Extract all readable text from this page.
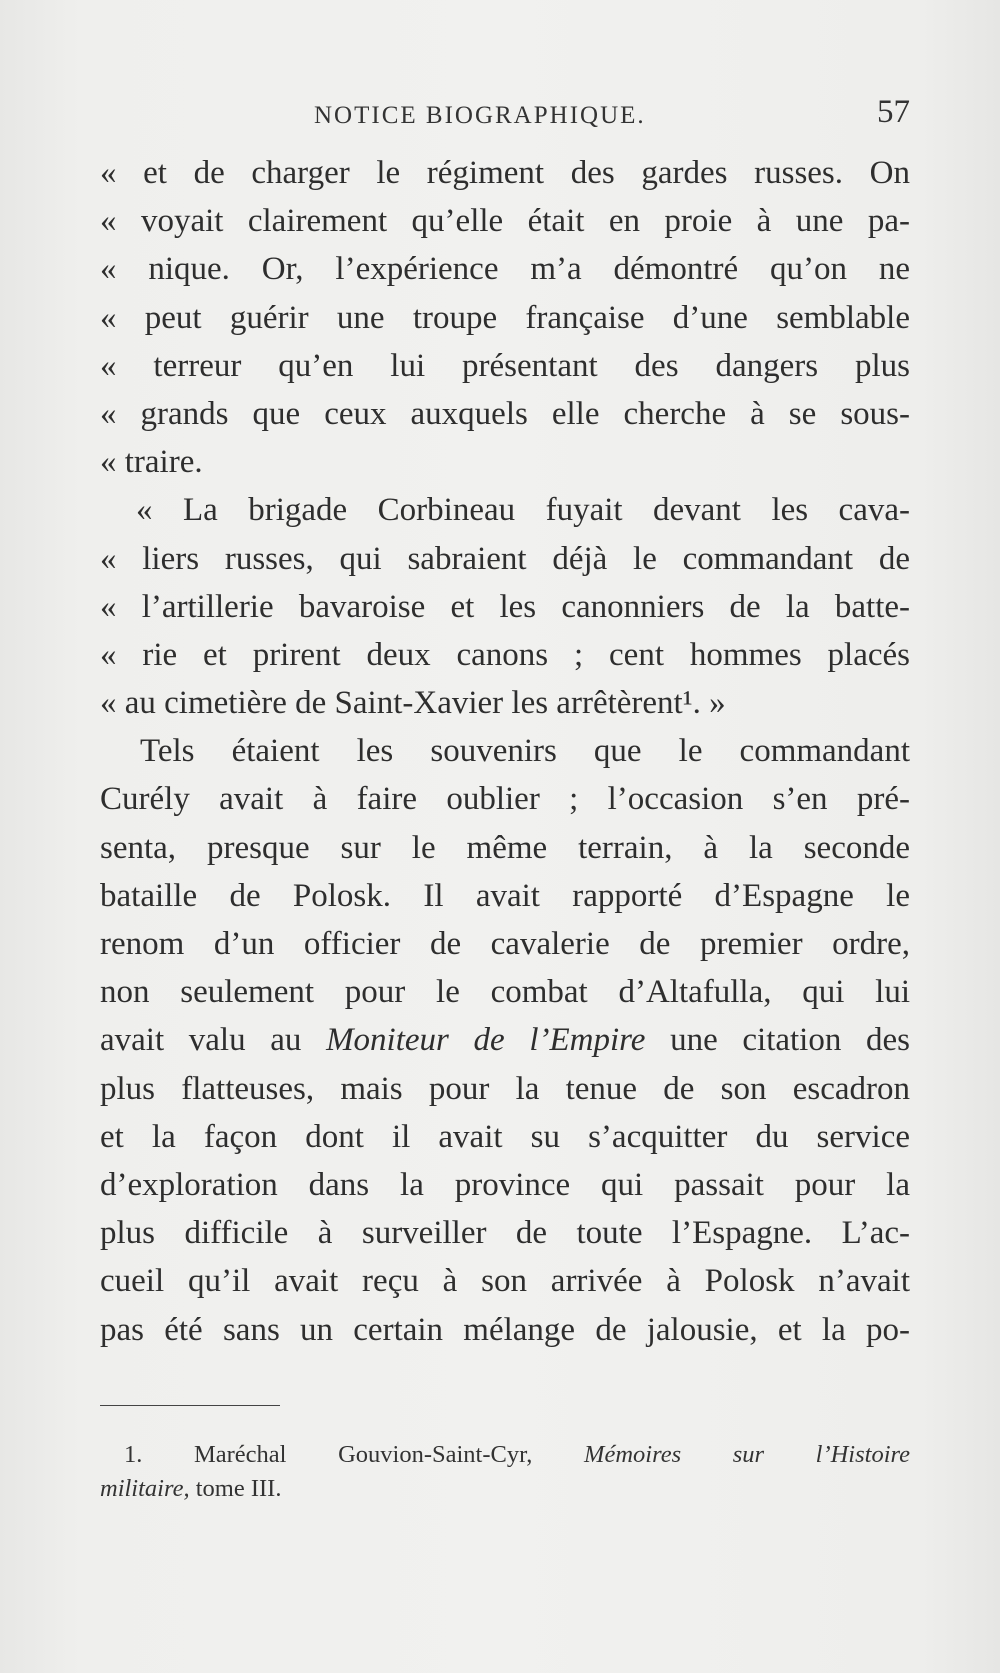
NOTICE BIOGRAPHIQUE.	57
« et de charger le régiment des gardes russes. On
« voyait clairement qu’elle était en proie à une pa-
« nique. Or, l’expérience m’a démontré qu’on ne
« peut guérir une troupe française d’une semblable
« terreur qu’en lui présentant des dangers plus
« grands que ceux auxquels elle cherche à se sous-
« traire.
« La brigade Corbineau fuyait devant les cava-
« liers russes, qui sabraient déjà le commandant de
« l’artillerie bavaroise et les canonniers de la batte-
« rie et prirent deux canons ; cent hommes placés
« au cimetière de Saint-Xavier les arrêtèrent¹. »
Tels étaient les souvenirs que le commandant
Curély avait à faire oublier ; l’occasion s’en pré-
senta, presque sur le même terrain, à la seconde
bataille de Polosk. Il avait rapporté d’Espagne le
renom d’un officier de cavalerie de premier ordre,
non seulement pour le combat d’Altafulla, qui lui
avait valu au Moniteur de l’Empire une citation des
plus flatteuses, mais pour la tenue de son escadron
et la façon dont il avait su s’acquitter du service
d’exploration dans la province qui passait pour la
plus difficile à surveiller de toute l’Espagne. L’ac-
cueil qu’il avait reçu à son arrivée à Polosk n’avait
pas été sans un certain mélange de jalousie, et la po-
1. Maréchal Gouvion-Saint-Cyr, Mémoires sur l’Histoire
militaire, tome III.
